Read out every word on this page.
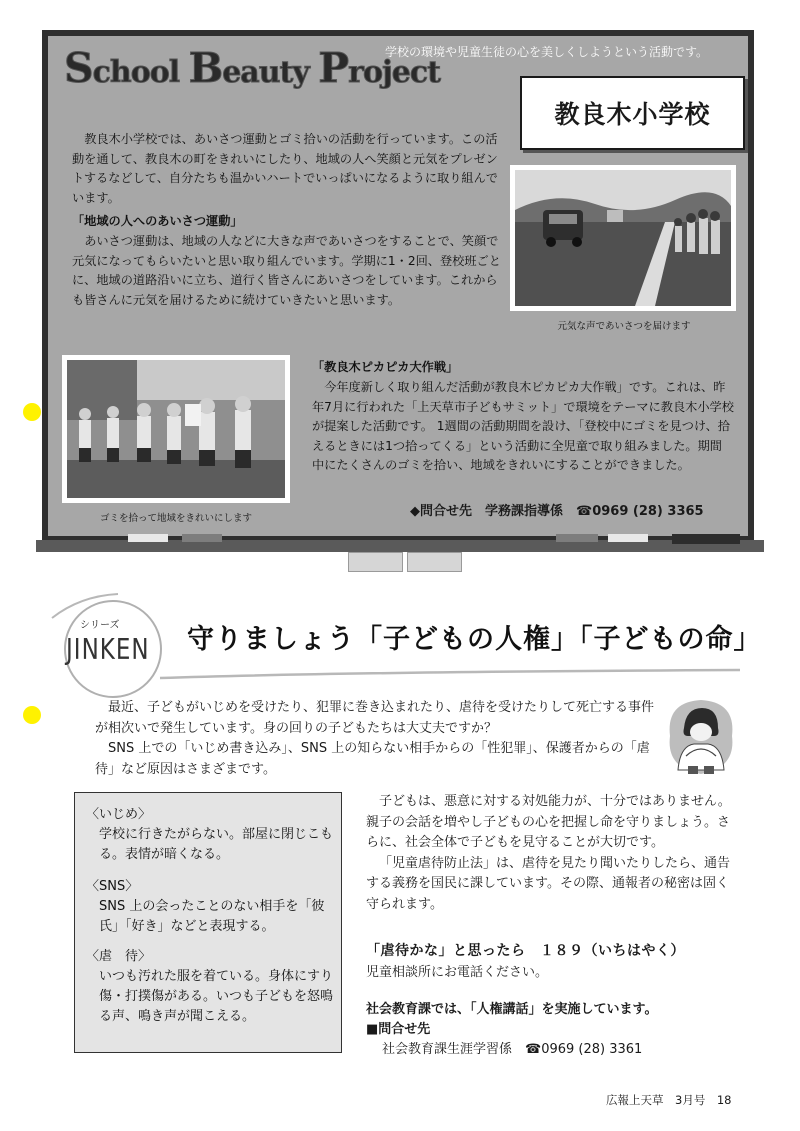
学校の環境や児童生徒の心を美しくしようという活動です。
School Beauty Project
教良木小学校
教良木小学校では、あいさつ運動とゴミ拾いの活動を行っています。この活動を通して、教良木の町をきれいにしたり、地域の人へ笑顔と元気をプレゼントするなどして、自分たちも温かいハートでいっぱいになるように取り組んでいます。
「地域の人へのあいさつ運動」
あいさつ運動は、地域の人などに大きな声であいさつをすることで、笑顔で元気になってもらいたいと思い取り組んでいます。学期に1・2回、登校班ごとに、地域の道路沿いに立ち、道行く皆さんにあいさつをしています。これからも皆さんに元気を届けるために続けていきたいと思います。
元気な声であいさつを届けます
ゴミを拾って地域をきれいにします
「教良木ピカピカ大作戦」
今年度新しく取り組んだ活動が教良木ピカピカ大作戦」です。これは、昨年7月に行われた「上天草市子どもサミット」で環境をテーマに教良木小学校が提案した活動です。 1週間の活動期間を設け、「登校中にゴミを見つけ、拾えるときには1つ拾ってくる」という活動に全児童で取り組みました。期間中にたくさんのゴミを拾い、地域をきれいにすることができました。
◆問合せ先　学務課指導係　☎0969 (28) 3365
シリーズ
JINKEN 守りましょう「子どもの人権」「子どもの命」
最近、子どもがいじめを受けたり、犯罪に巻き込まれたり、虐待を受けたりして死亡する事件が相次いで発生しています。身の回りの子どもたちは大丈夫ですか？
SNS 上での「いじめ書き込み」、SNS 上の知らない相手からの「性犯罪」、保護者からの「虐待」など原因はさまざまです。
〈いじめ〉
学校に行きたがらない。部屋に閉じこもる。表情が暗くなる。
〈SNS〉
SNS 上の会ったことのない相手を「彼氏」「好き」などと表現する。
〈虐　待〉
いつも汚れた服を着ている。身体にすり傷・打撲傷がある。いつも子どもを怒鳴る声、鳴き声が聞こえる。
子どもは、悪意に対する対処能力が、十分ではありません。親子の会話を増やし子どもの心を把握し命を守りましょう。さらに、社会全体で子どもを見守ることが大切です。
「児童虐待防止法」は、虐待を見たり聞いたりしたら、通告する義務を国民に課しています。その際、通報者の秘密は固く守られます。
「虐待かな」と思ったら　１８９（いちはやく）
児童相談所にお電話ください。
社会教育課では、「人権講話」を実施しています。
■問合せ先
社会教育課生涯学習係　☎0969 (28) 3361
広報上天草　3月号　18
